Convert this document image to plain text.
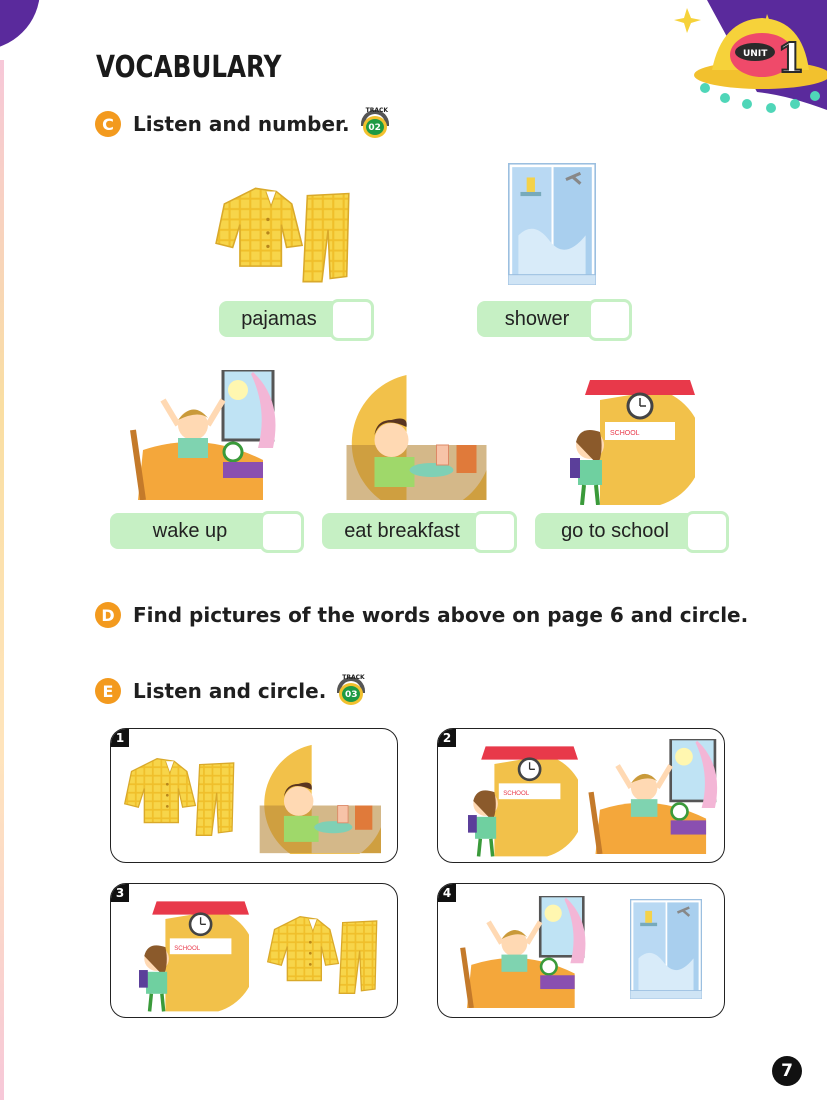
UNIT 1
VOCABULARY
C Listen and number.	02
TRACK
pajamas	shower
wake up	eat breakfast	go to school
D Find pictures of the words above on page 6 and circle.
E Listen and circle.	03
TRACK
1	2
3	4
7
